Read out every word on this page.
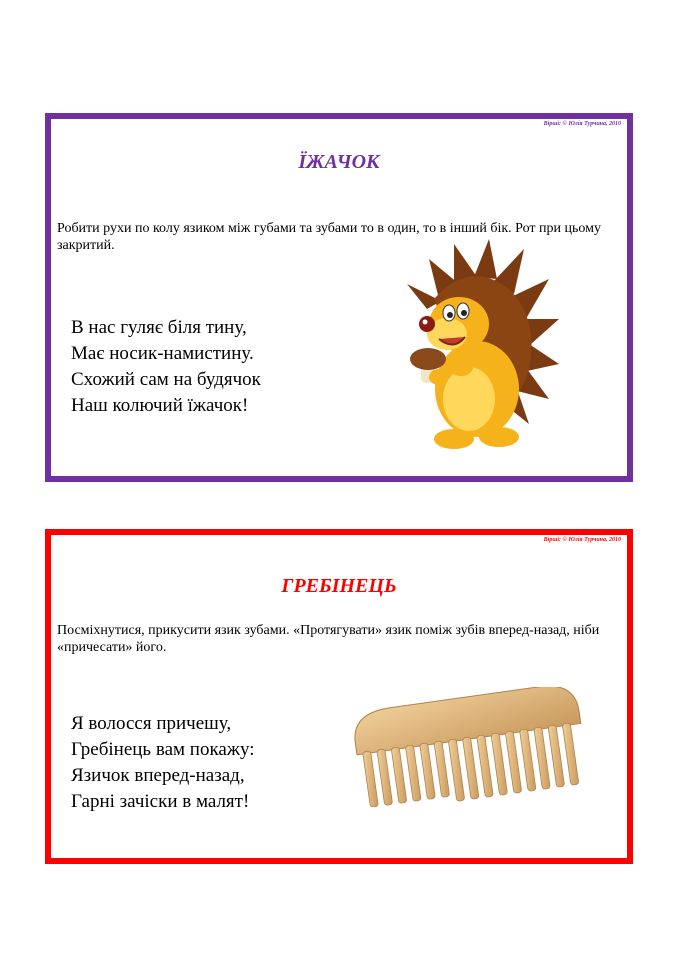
Вірші: © Юлія Турчина, 2010
ЇЖАЧОК
Робити рухи по колу язиком між губами та зубами то в один, то в інший бік. Рот при цьому закритий.
В нас гуляє біля тину,
Має носик-намистину.
Схожий сам на будячок
Наш колючий їжачок!
Вірші: © Юлія Турчина, 2010
ГРЕБІНЕЦЬ
Посміхнутися, прикусити язик зубами. «Протягувати» язик поміж зубів вперед-назад, ніби «причесати» його.
Я волосся причешу,
Гребінець вам покажу:
Язичок вперед-назад,
Гарні зачіски в малят!
